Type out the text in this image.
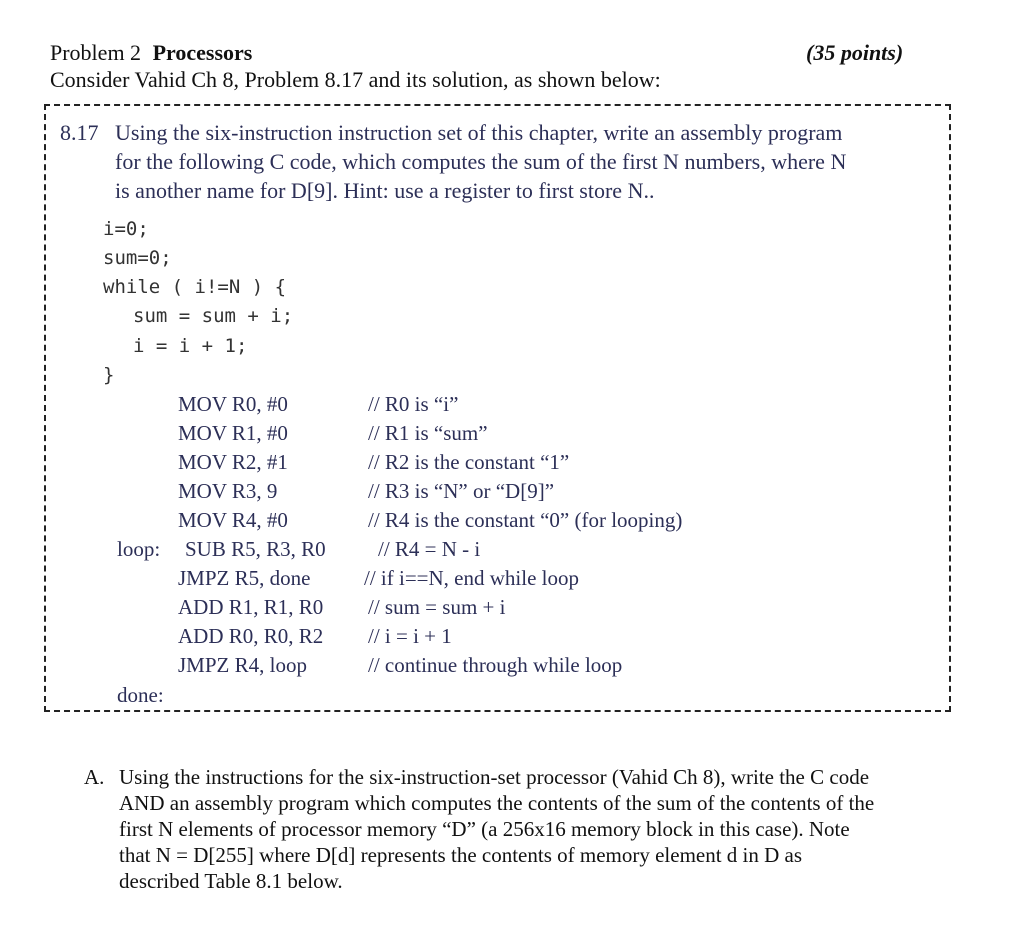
Problem 2 Processors	(35 points)
Consider Vahid Ch 8, Problem 8.17 and its solution, as shown below:
8.17 Using the six-instruction instruction set of this chapter, write an assembly program
for the following C code, which computes the sum of the first N numbers, where N
is another name for D[9]. Hint: use a register to first store N..
i=0;
sum=0;
while ( i!=N ) {
sum = sum + i;
i = i + 1;
}
MOV R0, #0	// R0 is “i”
MOV R1, #0	// R1 is “sum”
MOV R2, #1	// R2 is the constant “1”
MOV R3, 9	// R3 is “N” or “D[9]”
MOV R4, #0	// R4 is the constant “0” (for looping)
loop: SUB R5, R3, R0 // R4 = N - i
JMPZ R5, done	// if i==N, end while loop
ADD R1, R1, R0 // sum = sum + i
ADD R0, R0, R2 // i = i + 1
JMPZ R4, loop	// continue through while loop
done:
A. Using the instructions for the six-instruction-set processor (Vahid Ch 8), write the C code
AND an assembly program which computes the contents of the sum of the contents of the
first N elements of processor memory “D” (a 256x16 memory block in this case). Note
that N = D[255] where D[d] represents the contents of memory element d in D as
described Table 8.1 below.
